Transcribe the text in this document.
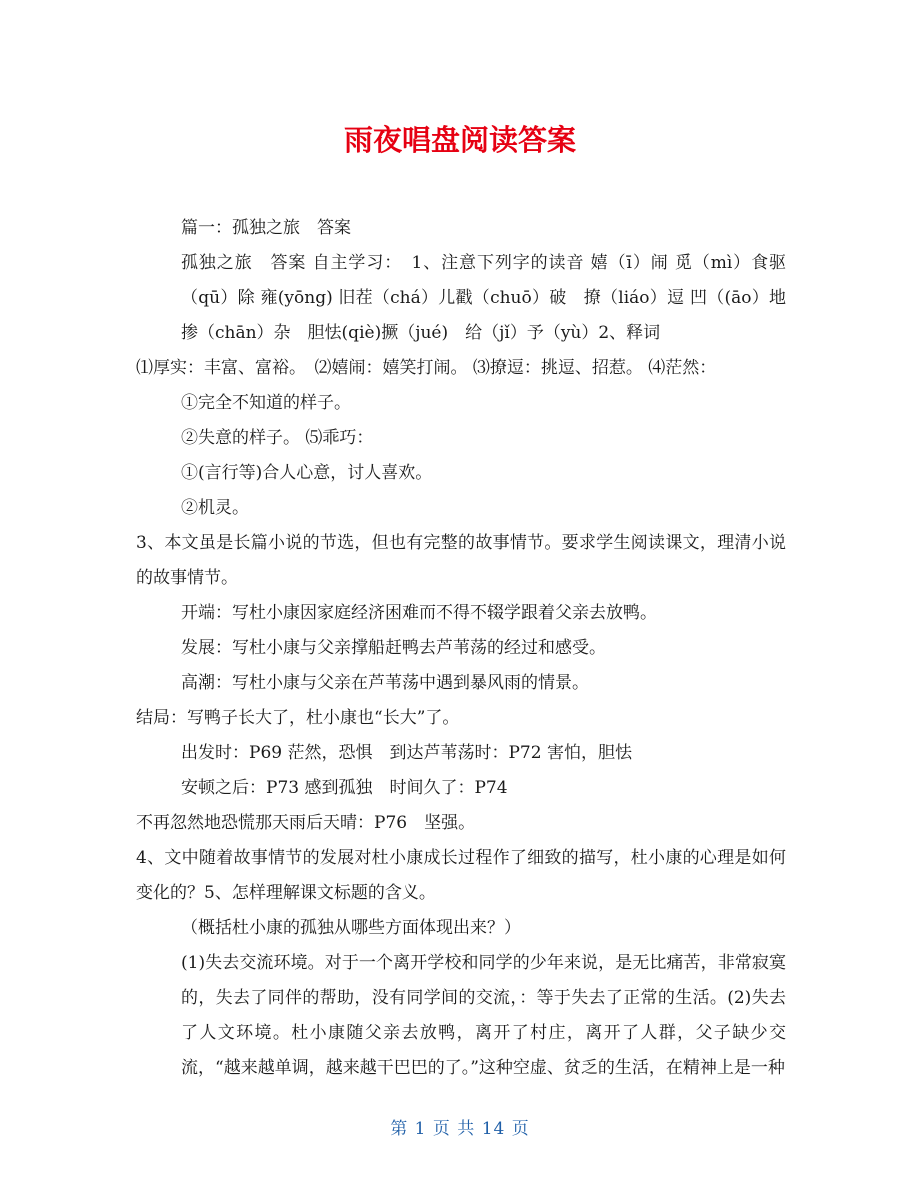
雨夜唱盘阅读答案

篇一：孤独之旅　答案

孤独之旅　答案 自主学习：　1、注意下列字的读音 嬉（ī）闹 觅（mì）食驱（qū）除 雍(yōng) 旧茬（chá）儿戳（chuō）破　撩（liáo）逗 凹（(āo）地 掺（chān）杂　胆怯(qiè)撅（jué)　给（jǐ）予（yù）2、释词

⑴厚实：丰富、富裕。　⑵嬉闹：嬉笑打闹。 ⑶撩逗：挑逗、招惹。 ⑷茫然：

①完全不知道的样子。

②失意的样子。 ⑸乖巧：

①(言行等)合人心意，讨人喜欢。

②机灵。

3、本文虽是长篇小说的节选，但也有完整的故事情节。要求学生阅读课文，理清小说的故事情节。

开端：写杜小康因家庭经济困难而不得不辍学跟着父亲去放鸭。

发展：写杜小康与父亲撑船赶鸭去芦苇荡的经过和感受。

高潮：写杜小康与父亲在芦苇荡中遇到暴风雨的情景。

结局：写鸭子长大了，杜小康也“长大”了。

出发时：P69 茫然，恐惧　到达芦苇荡时：P72 害怕，胆怯

安顿之后：P73 感到孤独　时间久了：P74

不再忽然地恐慌那天雨后天晴：P76　坚强。

4、文中随着故事情节的发展对杜小康成长过程作了细致的描写，杜小康的心理是如何变化的？5、怎样理解课文标题的含义。

（概括杜小康的孤独从哪些方面体现出来？）

(1)失去交流环境。对于一个离开学校和同学的少年来说，是无比痛苦，非常寂寞的，失去了同伴的帮助，没有同学间的交流，：等于失去了正常的生活。(2)失去了人文环境。杜小康随父亲去放鸭，离开了村庄，离开了人群，父子缺少交流，“越来越单调，越来越干巴巴的了。”这种空虚、贫乏的生活，在精神上是一种

第 1 页 共 14 页
